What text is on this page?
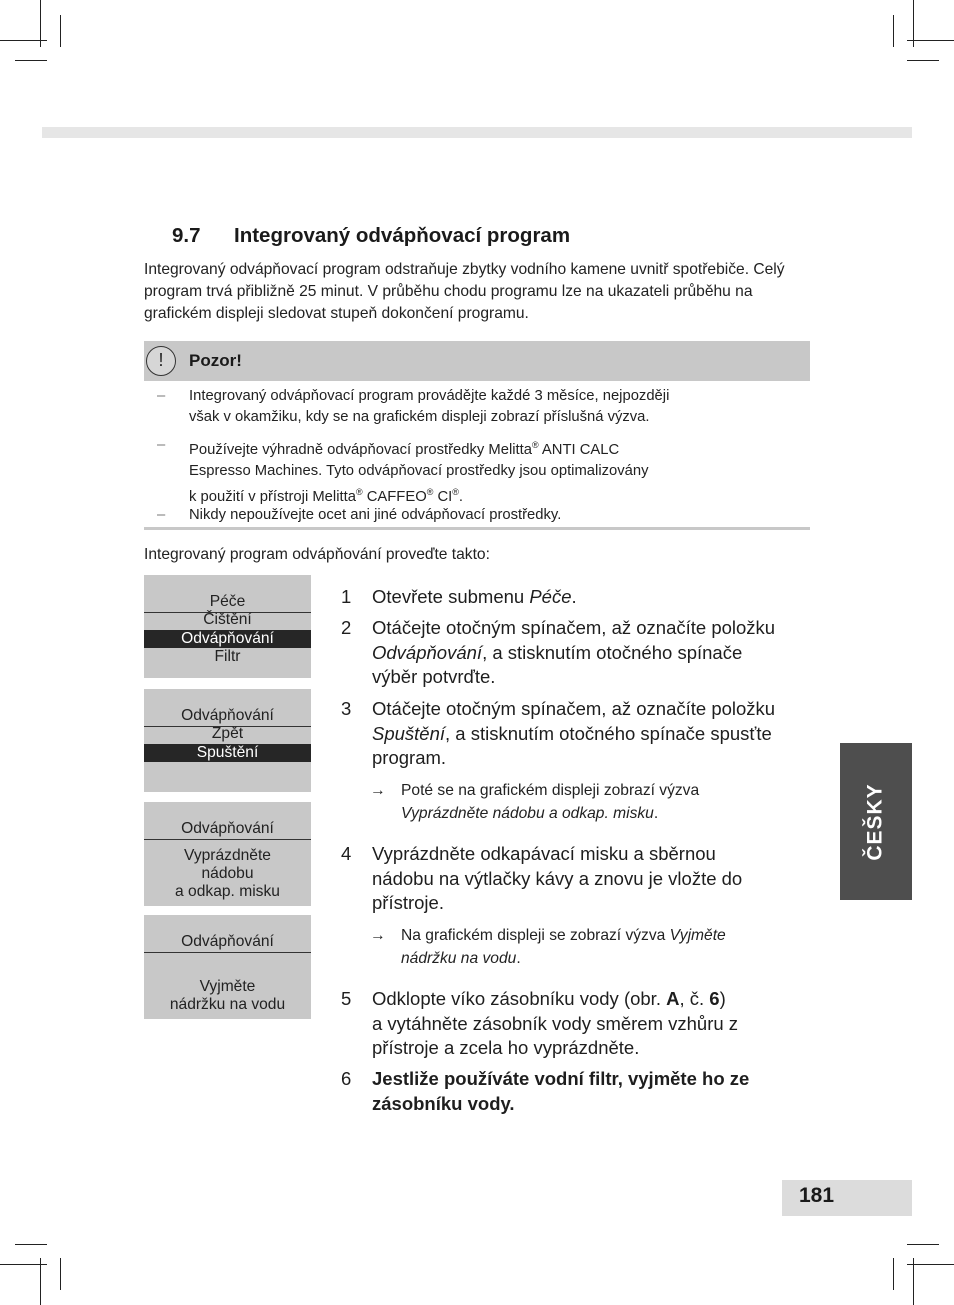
9.7 Integrovaný odvápňovací program
Integrovaný odvápňovací program odstraňuje zbytky vodního kamene uvnitř spotřebiče. Celý program trvá přibližně 25 minut. V průběhu chodu programu lze na ukazateli průběhu na grafickém displeji sledovat stupeň dokončení programu.
!	Pozor!
– Integrovaný odvápňovací program provádějte každé 3 měsíce, nejpozději
však v okamžiku, kdy se na grafickém displeji zobrazí příslušná výzva.
– Používejte výhradně odvápňovací prostředky Melitta® ANTI CALC
Espresso Machines. Tyto odvápňovací prostředky jsou optimalizovány
k použití v přístroji Melitta® CAFFEO® CI®.
– Nikdy nepoužívejte ocet ani jiné odvápňovací prostředky.
Integrovaný program odvápňování proveďte takto:
Péče
Čištění
Odvápňování
Filtr
Odvápňování
Zpět
Spuštění
Odvápňování
Vyprázdněte
nádobu
a odkap. misku
Odvápňování
Vyjměte
nádržku na vodu
1 Otevřete submenu Péče.
2 Otáčejte otočným spínačem, až označíte položku
Odvápňování, a stisknutím otočného spínače
výběr potvrďte.
3 Otáčejte otočným spínačem, až označíte položku
Spuštění, a stisknutím otočného spínače spusťte
program.
→ Poté se na grafickém displeji zobrazí výzva
Vyprázdněte nádobu a odkap. misku.
4 Vyprázdněte odkapávací misku a sběrnou
nádobu na výtlačky kávy a znovu je vložte do
přístroje.
→ Na grafickém displeji se zobrazí výzva Vyjměte
nádržku na vodu.
5 Odklopte víko zásobníku vody (obr. A, č. 6)
a vytáhněte zásobník vody směrem vzhůru z
přístroje a zcela ho vyprázdněte.
6 Jestliže používáte vodní filtr, vyjměte ho ze
zásobníku vody.
ČEŠKY
181
